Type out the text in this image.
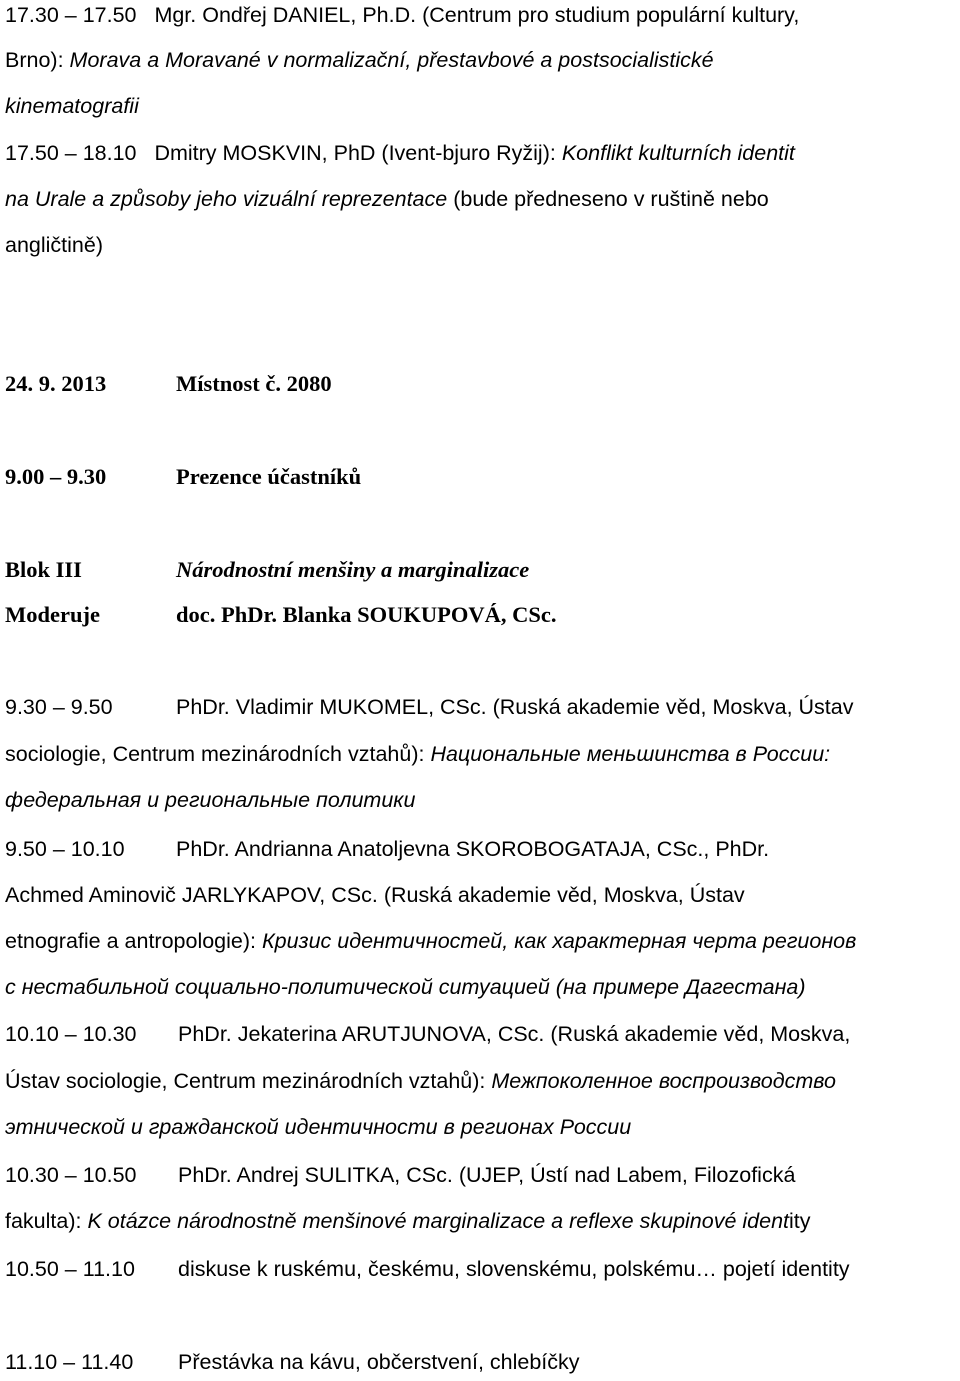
17.30 – 17.50 Mgr. Ondřej DANIEL, Ph.D. (Centrum pro studium populární kultury,
Brno): Morava a Moravané v normalizační, přestavbové a postsocialistické
kinematografii
17.50 – 18.10 Dmitry MOSKVIN, PhD (Ivent-bjuro Ryžij): Konflikt kulturních identit
na Urale a způsoby jeho vizuální reprezentace (bude předneseno v ruštině nebo
angličtině)
24. 9. 2013	Místnost č. 2080
9.00 – 9.30	Prezence účastníků
Blok III	Národnostní menšiny a marginalizace
Moderuje	doc. PhDr. Blanka SOUKUPOVÁ, CSc.
9.30 – 9.50	PhDr. Vladimir MUKOMEL, CSc. (Ruská akademie věd, Moskva, Ústav
sociologie, Centrum mezinárodních vztahů): Национальные меньшинства в России:
федеральная и региональные политики
9.50 – 10.10 PhDr. Andrianna Anatoljevna SKOROBOGATAJA, CSc., PhDr.
Achmed Aminovič JARLYKAPOV, CSc. (Ruská akademie věd, Moskva, Ústav
etnografie a antropologie): Кризис идентичностей, как характерная черта регионов
с нестабильной социально-политической ситуацией (на примере Дагестана)
10.10 – 10.30 PhDr. Jekaterina ARUTJUNOVA, CSc. (Ruská akademie věd, Moskva,
Ústav sociologie, Centrum mezinárodních vztahů): Межпоколенное воспроизводство
этнической и гражданской идентичности в регионах России
10.30 – 10.50 PhDr. Andrej SULITKA, CSc. (UJEP, Ústí nad Labem, Filozofická
fakulta): K otázce národnostně menšinové marginalizace a reflexe skupinové identity
10.50 – 11.10 diskuse k ruskému, českému, slovenskému, polskému… pojetí identity
11.10 – 11.40 Přestávka na kávu, občerstvení, chlebíčky
